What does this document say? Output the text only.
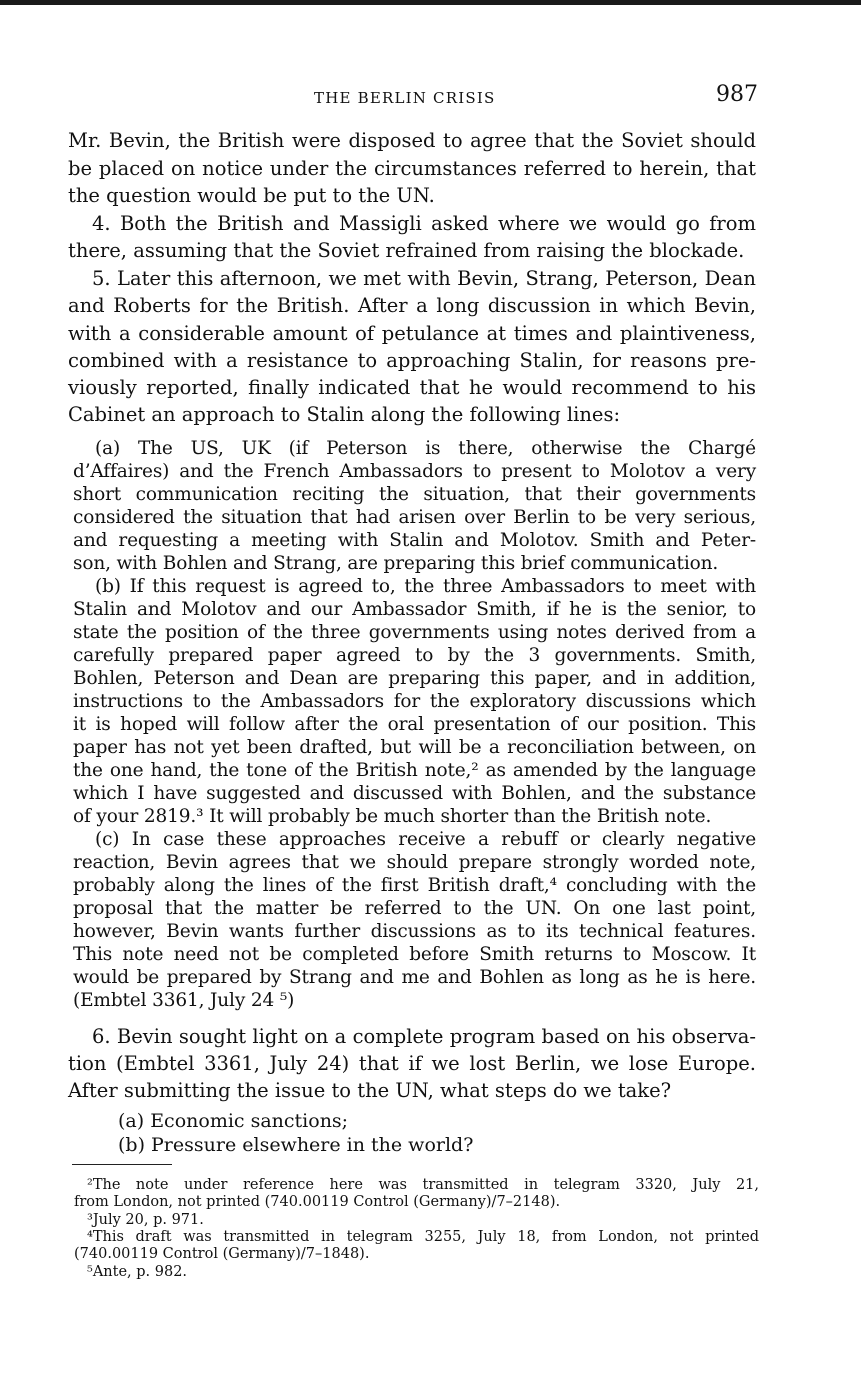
THE BERLIN CRISIS	987
Mr. Bevin, the British were disposed to agree that the Soviet should
be placed on notice under the circumstances referred to herein, that
the question would be put to the UN.
4. Both the British and Massigli asked where we would go from
there, assuming that the Soviet refrained from raising the blockade.
5. Later this afternoon, we met with Bevin, Strang, Peterson, Dean
and Roberts for the British. After a long discussion in which Bevin,
with a considerable amount of petulance at times and plaintiveness,
combined with a resistance to approaching Stalin, for reasons pre-
viously reported, finally indicated that he would recommend to his
Cabinet an approach to Stalin along the following lines:
(a) The US, UK (if Peterson is there, otherwise the Chargé
d’Affaires) and the French Ambassadors to present to Molotov a very
short communication reciting the situation, that their governments
considered the situation that had arisen over Berlin to be very serious,
and requesting a meeting with Stalin and Molotov. Smith and Peter-
son, with Bohlen and Strang, are preparing this brief communication.
(b) If this request is agreed to, the three Ambassadors to meet with
Stalin and Molotov and our Ambassador Smith, if he is the senior, to
state the position of the three governments using notes derived from a
carefully prepared paper agreed to by the 3 governments. Smith,
Bohlen, Peterson and Dean are preparing this paper, and in addition,
instructions to the Ambassadors for the exploratory discussions which
it is hoped will follow after the oral presentation of our position. This
paper has not yet been drafted, but will be a reconciliation between, on
the one hand, the tone of the British note,² as amended by the language
which I have suggested and discussed with Bohlen, and the substance
of your 2819.³ It will probably be much shorter than the British note.
(c) In case these approaches receive a rebuff or clearly negative
reaction, Bevin agrees that we should prepare strongly worded note,
probably along the lines of the first British draft,⁴ concluding with the
proposal that the matter be referred to the UN. On one last point,
however, Bevin wants further discussions as to its technical features.
This note need not be completed before Smith returns to Moscow. It
would be prepared by Strang and me and Bohlen as long as he is here.
(Embtel 3361, July 24 ⁵)
6. Bevin sought light on a complete program based on his observa-
tion (Embtel 3361, July 24) that if we lost Berlin, we lose Europe.
After submitting the issue to the UN, what steps do we take?
(a) Economic sanctions;
(b) Pressure elsewhere in the world?
²The note under reference here was transmitted in telegram 3320, July 21,
from London, not printed (740.00119 Control (Germany)/7–2148).
³July 20, p. 971.
⁴This draft was transmitted in telegram 3255, July 18, from London, not printed
(740.00119 Control (Germany)/7–1848).
⁵Ante, p. 982.
